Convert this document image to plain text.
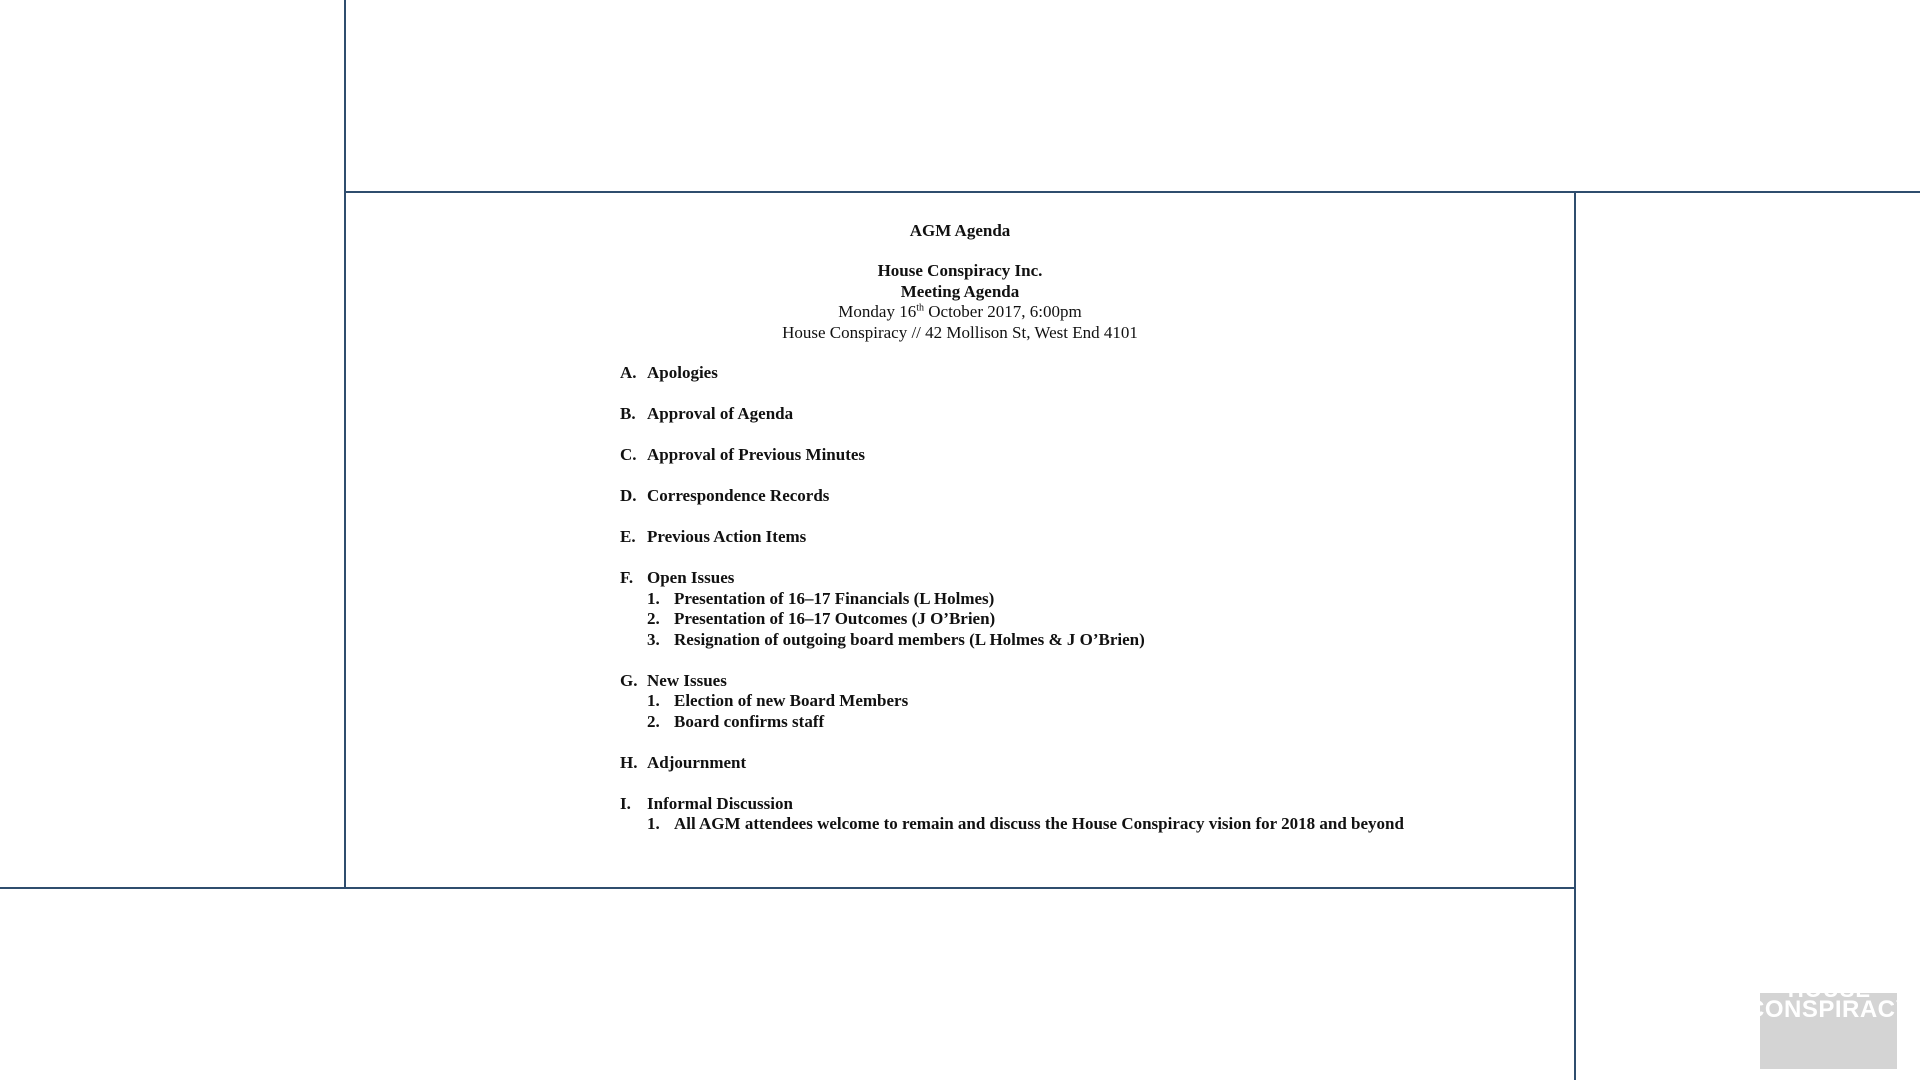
AGM Agenda
House Conspiracy Inc.
Meeting Agenda
Monday 16th October 2017, 6:00pm
House Conspiracy // 42 Mollison St, West End 4101
A. Apologies
B. Approval of Agenda
C. Approval of Previous Minutes
D. Correspondence Records
E. Previous Action Items
F. Open Issues
1. Presentation of 16–17 Financials (L Holmes)
2. Presentation of 16–17 Outcomes (J O’Brien)
3. Resignation of outgoing board members (L Holmes & J O’Brien)
G. New Issues
1. Election of new Board Members
2. Board confirms staff
H. Adjournment
I. Informal Discussion
1. All AGM attendees welcome to remain and discuss the House Conspiracy vision for 2018 and beyond
HOUSE
CONSPIRACY
